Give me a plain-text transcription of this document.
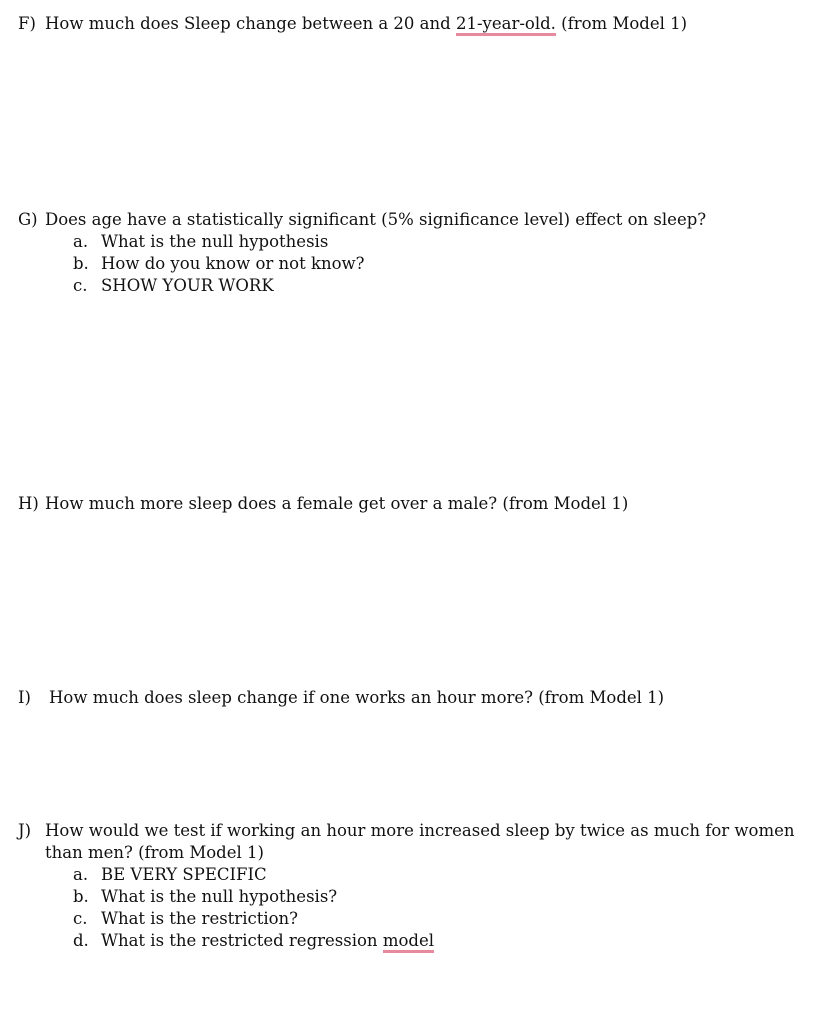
F) How much does Sleep change between a 20 and 21-year-old. (from Model 1)
G) Does age have a statistically significant (5% significance level) effect on sleep?
a. What is the null hypothesis
b. How do you know or not know?
c. SHOW YOUR WORK
H) How much more sleep does a female get over a male? (from Model 1)
I)	How much does sleep change if one works an hour more? (from Model 1)
J) How would we test if working an hour more increased sleep by twice as much for women than men? (from Model 1)
a. BE VERY SPECIFIC
b. What is the null hypothesis?
c. What is the restriction?
d. What is the restricted regression model
